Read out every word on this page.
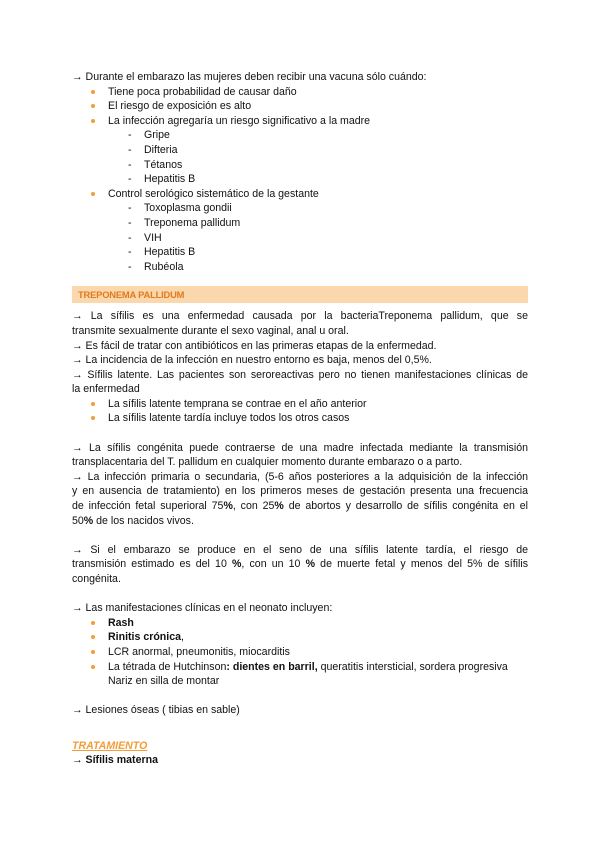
→ Durante el embarazo las mujeres deben recibir una vacuna sólo cuándo:
Tiene poca probabilidad de causar daño
El riesgo de exposición es alto
La infección agregaría un riesgo significativo a la madre
- Gripe
- Difteria
- Tétanos
- Hepatitis B
Control serológico sistemático de la gestante
- Toxoplasma gondii
- Treponema pallidum
- VIH
- Hepatitis B
- Rubéola
TREPONEMA PALLIDUM
→ La sífilis es una enfermedad causada por la bacteriaTreponema pallidum, que se
transmite sexualmente durante el sexo vaginal, anal u oral.
→ Es fácil de tratar con antibióticos en las primeras etapas de la enfermedad.
→ La incidencia de la infección en nuestro entorno es baja, menos del 0,5%.
→ Sífilis latente. Las pacientes son seroreactivas pero no tienen manifestaciones clínicas de
la enfermedad
La sífilis latente temprana se contrae en el año anterior
La sífilis latente tardía incluye todos los otros casos
→ La sífilis congénita puede contraerse de una madre infectada mediante la transmisión
transplacentaria del T. pallidum en cualquier momento durante embarazo o a parto.
→ La infección primaria o secundaria, (5-6 años posteriores a la adquisición de la infección
y en ausencia de tratamiento) en los primeros meses de gestación presenta una frecuencia
de infección fetal superioral 75%, con 25% de abortos y desarrollo de sífilis congénita en el
50% de los nacidos vivos.
→ Si el embarazo se produce en el seno de una sífilis latente tardía, el riesgo de
transmisión estimado es del 10 %, con un 10 % de muerte fetal y menos del 5% de sífilis
congénita.
→ Las manifestaciones clínicas en el neonato incluyen:
Rash
Rinitis crónica,
LCR anormal, pneumonitis, miocarditis
La tétrada de Hutchinson: dientes en barril, queratitis intersticial, sordera progresiva
Nariz en silla de montar
→ Lesiones óseas ( tibias en sable)
TRATAMIENTO
→ Sífilis materna
